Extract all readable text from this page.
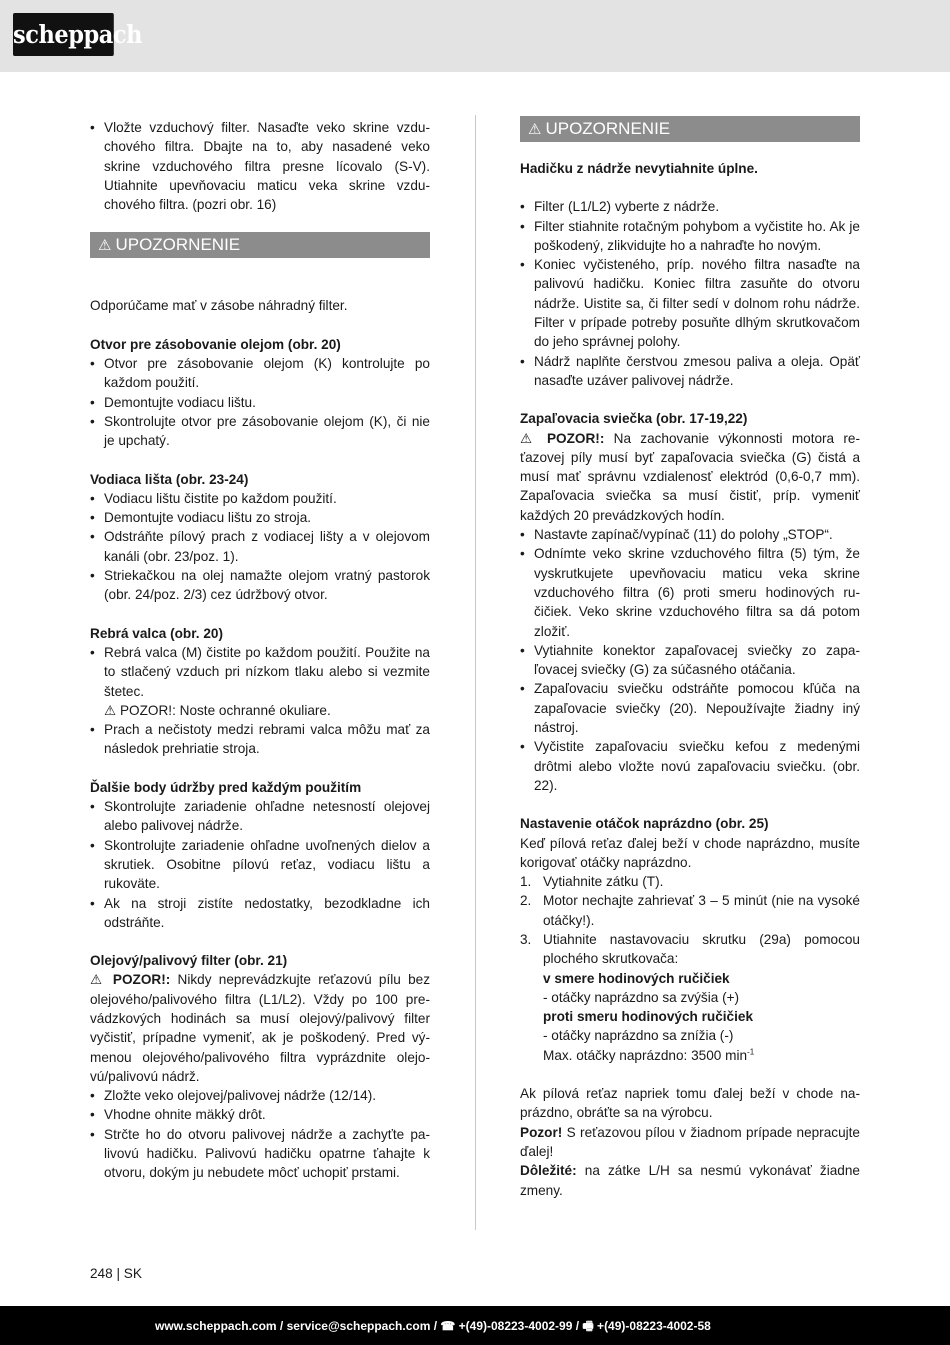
scheppach
• Vložte vzduchový filter. Nasaďte veko skrine vzduchového filtra. Dbajte na to, aby nasadené veko skrine vzduchového filtra presne lícovalo (S-V). Utiahnite upevňovaciu maticu veka skrine vzduchového filtra. (pozri obr. 16)
⚠ UPOZORNENIE

Odporúčame mať v zásobe náhradný filter.

Otvor pre zásobovanie olejom (obr. 20)

• Otvor pre zásobovanie olejom (K) kontrolujte po každom použití.
• Demontujte vodiacu lištu.
• Skontrolujte otvor pre zásobovanie olejom (K), či nie je upchatý.

Vodiaca lišta (obr. 23-24)

• Vodiacu lištu čistite po každom použití.
• Demontujte vodiacu lištu zo stroja.
• Odstráňte pílový prach z vodiacej lišty a v olejovom kanáli (obr. 23/poz. 1).
• Striekačkou na olej namažte olejom vratný pastorok (obr. 24/poz. 2/3) cez údržbový otvor.

Rebrá valca (obr. 20)

• Rebrá valca (M) čistite po každom použití. Použite na to stlačený vzduch pri nízkom tlaku alebo si vezmite štetec.
⚠ POZOR!: Noste ochranné okuliare.
• Prach a nečistoty medzi rebrami valca môžu mať za následok prehriatie stroja.

Ďalšie body údržby pred každým použitím

• Skontrolujte zariadenie ohľadne netesností olejovej alebo palivovej nádrže.
• Skontrolujte zariadenie ohľadne uvoľnených dielov a skrutiek. Osobitne pílovú reťaz, vodiacu lištu a rukoväte.
• Ak na stroji zistíte nedostatky, bezodkladne ich odstráňte.

Olejový/palivový filter (obr. 21)

⚠ POZOR!: Nikdy neprevádzkujte reťazovú pílu bez olejového/palivového filtra (L1/L2). Vždy po 100 prevádzkových hodinách sa musí olejový/palivový filter vyčistiť, prípadne vymeniť, ak je poškodený. Pred výmenou olejového/palivového filtra vyprázdnite olejovú/palivovú nádrž.

• Zložte veko olejovej/palivovej nádrže (12/14).
• Vhodne ohnite mäkký drôt.
• Strčte ho do otvoru palivovej nádrže a zachyťte palivovú hadičku. Palivovú hadičku opatrne ťahajte k otvoru, dokým ju nebudete môcť uchopiť prstami.
⚠ UPOZORNENIE

Hadičku z nádrže nevytiahnite úplne.

• Filter (L1/L2) vyberte z nádrže.
• Filter stiahnite rotačným pohybom a vyčistite ho. Ak je poškodený, zlikvidujte ho a nahraďte ho novým.
• Koniec vyčisteného, príp. nového filtra nasaďte na palivovú hadičku. Koniec filtra zasuňte do otvoru nádrže. Uistite sa, či filter sedí v dolnom rohu nádrže. Filter v prípade potreby posuňte dlhým skrutkovačom do jeho správnej polohy.
• Nádrž naplňte čerstvou zmesou paliva a oleja. Opäť nasaďte uzáver palivovej nádrže.

Zapaľovacia sviečka (obr. 17-19,22)

⚠ POZOR!: Na zachovanie výkonnosti motora reťazovej píly musí byť zapaľovacia sviečka (G) čistá a musí mať správnu vzdialenosť elektród (0,6-0,7 mm). Zapaľovacia sviečka sa musí čistiť, príp. vymeniť každých 20 prevádzkových hodín.

• Nastavte zapínač/vypínač (11) do polohy „STOP“.
• Odnímte veko skrine vzduchového filtra (5) tým, že vyskrutkujete upevňovaciu maticu veka skrine vzduchového filtra (6) proti smeru hodinových ručičiek. Veko skrine vzduchového filtra sa dá potom zložiť.
• Vytiahnite konektor zapaľovacej sviečky zo zapaľovacej sviečky (G) za súčasného otáčania.
• Zapaľovaciu sviečku odstráňte pomocou kľúča na zapaľovacie sviečky (20). Nepoužívajte žiadny iný nástroj.
• Vyčistite zapaľovaciu sviečku kefou z medenými drôtmi alebo vložte novú zapaľovaciu sviečku. (obr. 22).

Nastavenie otáčok naprázdno (obr. 25)

Keď pílová reťaz ďalej beží v chode naprázdno, musíte korigovať otáčky naprázdno.

1. Vytiahnite zátku (T).
2. Motor nechajte zahrievať 3 – 5 minút (nie na vysoké otáčky!).
3. Utiahnite nastavovaciu skrutku (29a) pomocou plochého skrutkovača:
v smere hodinových ručičiek
- otáčky naprázdno sa zvýšia (+)
proti smeru hodinových ručičiek
- otáčky naprázdno sa znížia (-)
Max. otáčky naprázdno: 3500 $\min^{-1}$

Ak pílová reťaz napriek tomu ďalej beží v chode naprázdno, obráťte sa na výrobcu.

Pozor! S reťazovou pílou v žiadnom prípade nepracujte ďalej!

Dôležité: na zátke L/H sa nesmú vykonávať žiadne zmeny.

248 | SK
www.scheppach.com / service@scheppach.com / ☎ +(49)-08223-4002-99 / 🖷 +(49)-08223-4002-58
